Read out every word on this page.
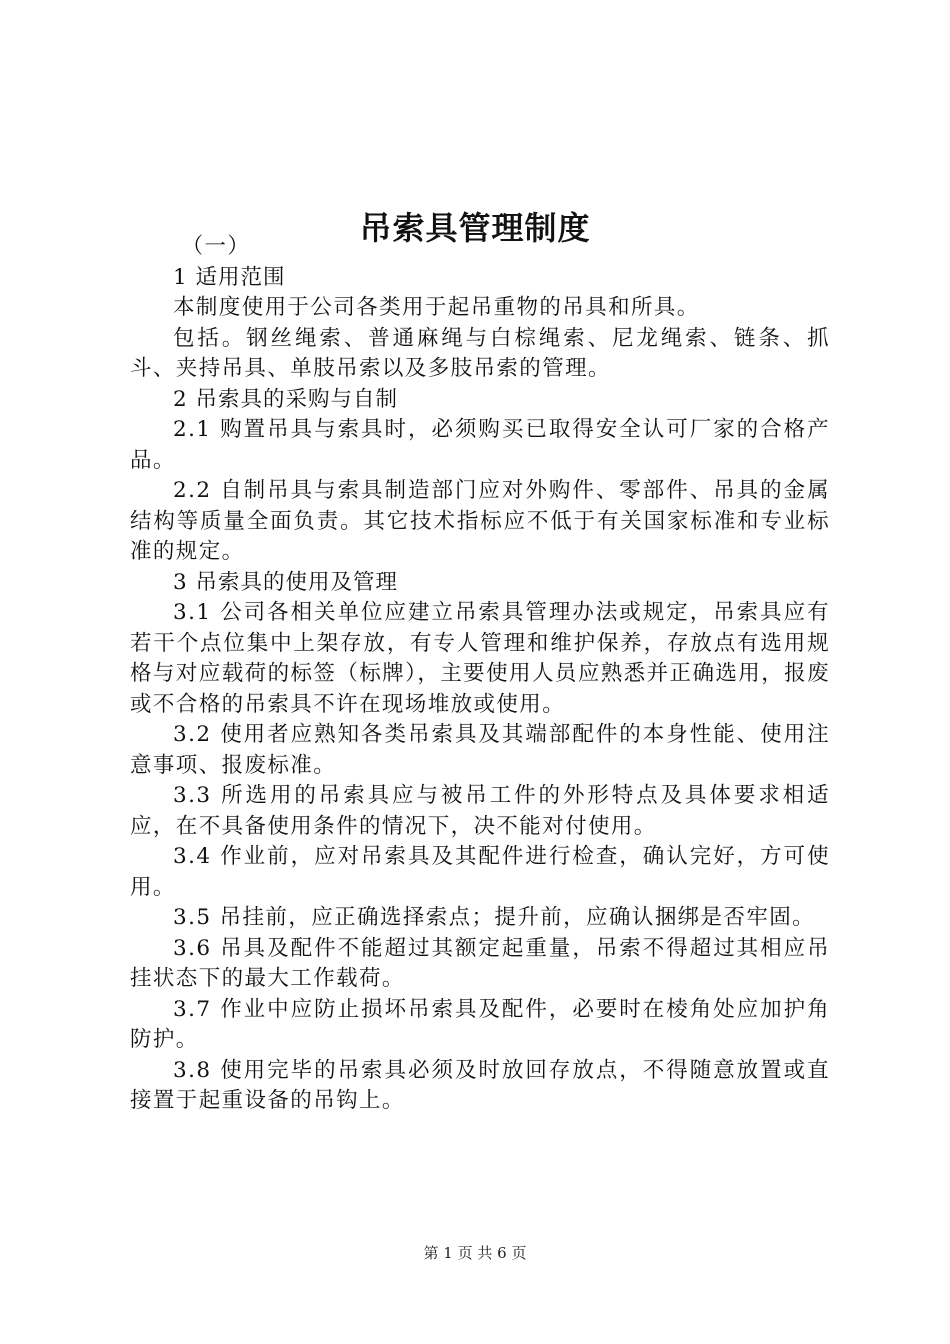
吊索具管理制度

（一）

1 适用范围

本制度使用于公司各类用于起吊重物的吊具和所具。

包括。钢丝绳索、普通麻绳与白棕绳索、尼龙绳索、链条、抓斗、夹持吊具、单肢吊索以及多肢吊索的管理。

2 吊索具的采购与自制

2.1 购置吊具与索具时，必须购买已取得安全认可厂家的合格产品。

2.2 自制吊具与索具制造部门应对外购件、零部件、吊具的金属结构等质量全面负责。其它技术指标应不低于有关国家标准和专业标准的规定。

3 吊索具的使用及管理

3.1 公司各相关单位应建立吊索具管理办法或规定，吊索具应有若干个点位集中上架存放，有专人管理和维护保养，存放点有选用规格与对应载荷的标签（标牌），主要使用人员应熟悉并正确选用，报废或不合格的吊索具不许在现场堆放或使用。

3.2 使用者应熟知各类吊索具及其端部配件的本身性能、使用注意事项、报废标准。

3.3 所选用的吊索具应与被吊工件的外形特点及具体要求相适应，在不具备使用条件的情况下，决不能对付使用。

3.4 作业前，应对吊索具及其配件进行检查，确认完好，方可使用。

3.5 吊挂前，应正确选择索点；提升前，应确认捆绑是否牢固。

3.6 吊具及配件不能超过其额定起重量，吊索不得超过其相应吊挂状态下的最大工作载荷。

3.7 作业中应防止损坏吊索具及配件，必要时在棱角处应加护角防护。

3.8 使用完毕的吊索具必须及时放回存放点，不得随意放置或直接置于起重设备的吊钩上。

第 1 页 共 6 页
